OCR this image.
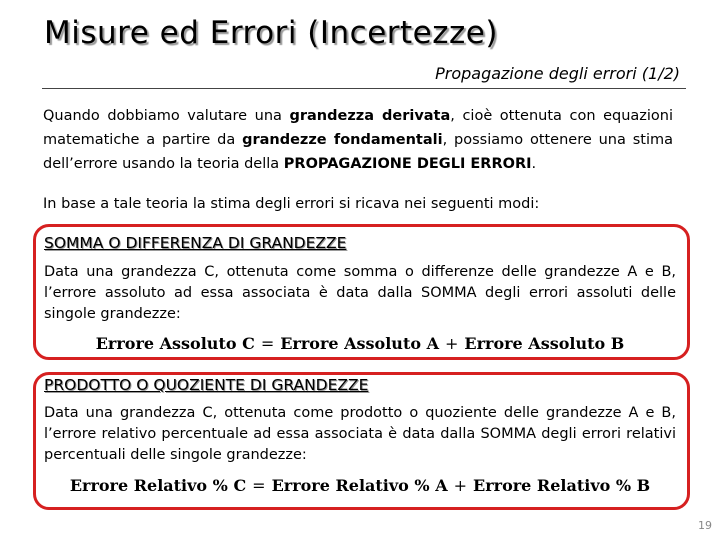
Misure ed Errori (Incertezze)
Propagazione degli errori (1/2)
Quando dobbiamo valutare una grandezza derivata, cioè ottenuta con equazioni matematiche a partire da grandezze fondamentali, possiamo ottenere una stima dell’errore usando la teoria della PROPAGAZIONE DEGLI ERRORI.
In base a tale teoria la stima degli errori si ricava nei seguenti modi:
SOMMA O DIFFERENZA DI GRANDEZZE
Data una grandezza C, ottenuta come somma o differenze delle grandezze A e B, l’errore assoluto ad essa associata è data dalla SOMMA degli errori assoluti delle singole grandezze:
Errore Assoluto C = Errore Assoluto A + Errore Assoluto B
PRODOTTO O QUOZIENTE DI GRANDEZZE
Data una grandezza C, ottenuta come prodotto o quoziente delle grandezze A e B, l’errore relativo percentuale ad essa associata è data dalla SOMMA degli errori relativi percentuali delle singole grandezze:
Errore Relativo % C = Errore Relativo % A + Errore Relativo % B
19
